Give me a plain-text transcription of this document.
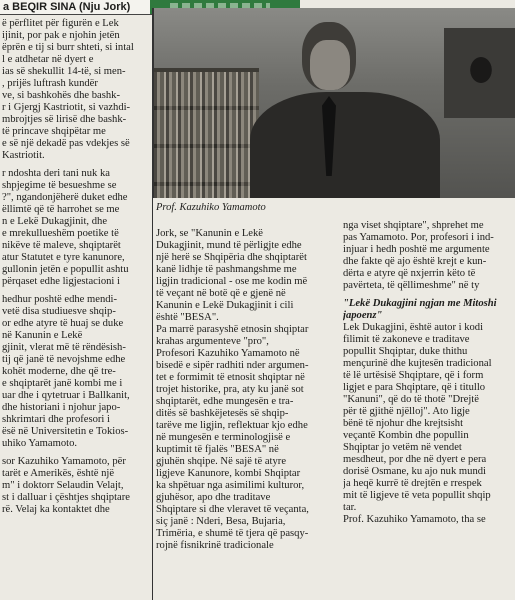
a BEQIR SINA (Nju Jork)
Prof. Kazuhiko Yamamoto
ë përflitet për figurën e Lek
ijinit, por pak e njohin jetën
ëprën e tij si burr shteti, si intal
l e atdhetar në dyert e
ias së shekullit 14-të, si men-
, prijës luftrash kundër
ve, si bashkohës dhe bashk-
r i Gjergj Kastriotit, si vazhdi-
mbrojtjes së lirisë dhe bashk-
të princave shqipëtar me
e së një dekadë pas vdekjes së
Kastriotit.
r ndoshta deri tani nuk ka
shpjegime të besueshme se
?", ngandonjëherë duket edhe
ëllimtë që të harrohet se me
n e Lekë Dukagjinit, dhe
e mrekullueshëm poetike të
nikëve të maleve, shqiptarët
atur Statutet e tyre kanunore,
gullonin jetën e popullit ashtu
përqaset edhe ligjestacioni i
hedhur poshtë edhe mendi-
vetë disa studiuesve shqip-
or edhe atyre të huaj se duke
në Kanunin e Lekë
gjinit, vlerat më të rëndësish-
tij që janë të nevojshme edhe
kohët moderne, dhe që tre-
e shqiptarët janë kombi me i
uar dhe i qytetruar i Ballkanit,
dhe historiani i njohur japo-
shkrimtari dhe profesori i
ësë në Universitetin e Tokios-
uhiko Yamamoto.
sor Kazuhiko Yamamoto, për
tarët e Amerikës, është një
m" i doktorr Selaudin Velajt,
st i dalluar i çështjes shqiptare
rë. Velaj ka kontaktet dhe
Jork, se "Kanunin e Lekë
Dukagjinit, mund të përligjte edhe
një herë se Shqipëria dhe shqiptarët
kanë lidhje të pashmangshme me
ligjin tradicional - ose me kodin më
të veçant në botë që e gjenë në
Kanunin e Lekë Dukagjinit i cili
është "BESA".
Pa marrë parasyshë etnosin shqiptar
krahas argumenteve "pro",
Profesori Kazuhiko Yamamoto në
bisedë e sipër radhiti nder argumen-
tet e formimit të etnosit shqiptar në
trojet historike, pra, aty ku janë sot
shqiptarët, edhe mungesën e tra-
ditës së bashkëjetesës së shqip-
tarëve me ligjin, reflektuar kjo edhe
në mungesën e terminologjisë e
kuptimit të fjalës "BESA" në
gjuhën shqipe. Në sajë të atyre
ligjeve Kanunore, kombi Shqiptar
ka shpëtuar nga asimilimi kulturor,
gjuhësor, apo dhe traditave
Shqiptare si dhe vleravet të veçanta,
siç janë : Nderi, Besa, Bujaria,
Trimëria, e shumë të tjera që pasqy-
rojnë fisnikrinë tradicionale
nga viset shqiptare", shprehet me
pas Yamamoto. Por, profesori i ind-
injuar i hedh poshtë me argumente
dhe fakte që ajo është krejt e kun-
dërta e atyre që nxjerrin këto të
pavërteta, të qëllimeshme" në ty
"Lekë Dukagjini ngjan me Mitoshi
japoenz"
Lek Dukagjini, është autor i kodi
filimit të zakoneve e traditave
popullit Shqiptar, duke thithu
mençurinë dhe kujtesën tradicional
të lë urtësisë Shqiptare, që i form
ligjet e para Shqiptare, që i titullo
"Kanuni", që do të thotë "Drejtë
për të gjithë njëlloj". Ato ligje
bënë të njohur dhe krejtsisht
veçantë Kombin dhe popullin
Shqiptar jo vetëm në vendet
mesdheut, por dhe në dyert e pera
dorisë Osmane, ku ajo nuk mundi
ja heqë kurrë të drejtën e rrespek
mit të ligjeve të veta popullit shqip
tar.
Prof. Kazuhiko Yamamoto, tha se
